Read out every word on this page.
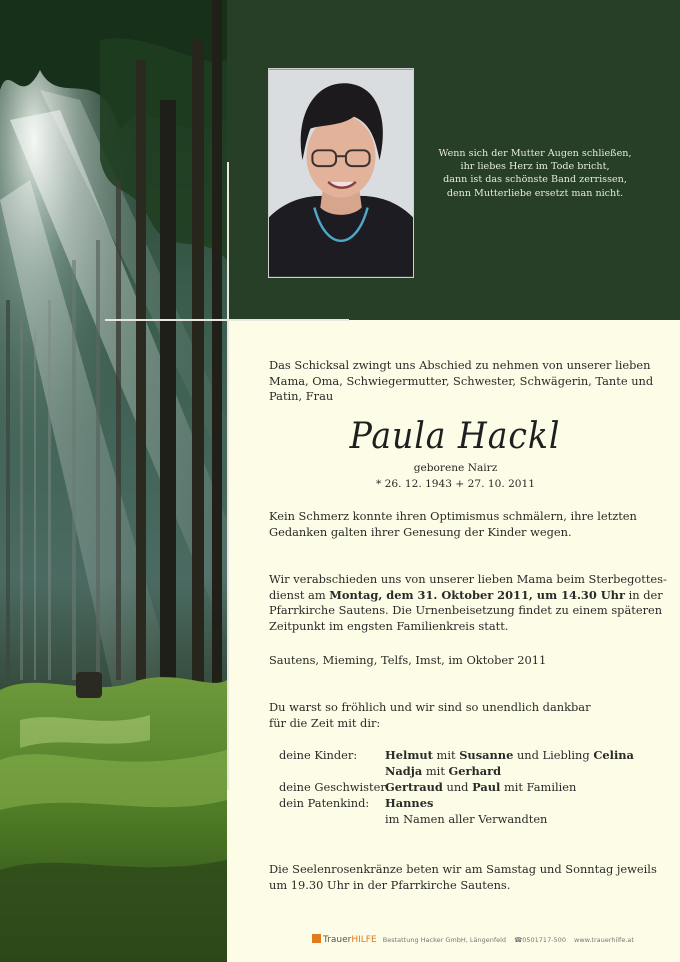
Wenn sich der Mutter Augen schließen,
ihr liebes Herz im Tode bricht,
dann ist das schönste Band zerrissen,
denn Mutterliebe ersetzt man nicht.
Das Schicksal zwingt uns Abschied zu nehmen von unserer lieben
Mama, Oma, Schwiegermutter, Schwester, Schwägerin, Tante und
Patin, Frau
Paula Hackl
geborene Nairz
* 26. 12. 1943 + 27. 10. 2011
Kein Schmerz konnte ihren Optimismus schmälern, ihre letzten
Gedanken galten ihrer Genesung der Kinder wegen.
Wir verabschieden uns von unserer lieben Mama beim Sterbegottes-
dienst am Montag, dem 31. Oktober 2011, um 14.30 Uhr in der
Pfarrkirche Sautens. Die Urnenbeisetzung findet zu einem späteren
Zeitpunkt im engsten Familienkreis statt.
Sautens, Mieming, Telfs, Imst, im Oktober 2011
Du warst so fröhlich und wir sind so unendlich dankbar
für die Zeit mit dir:
deine Kinder: Helmut mit Susanne und Liebling Celina
Nadja mit Gerhard
deine Geschwister:
Gertraud und Paul mit Familien
dein Patenkind: Hannes
im Namen aller Verwandten
Die Seelenrosenkränze beten wir am Samstag und Sonntag jeweils
um 19.30 Uhr in der Pfarrkirche Sautens.
TrauerHILFE Bestattung Hacker GmbH, Längenfeld ☎0501717-500 www.trauerhilfe.at
